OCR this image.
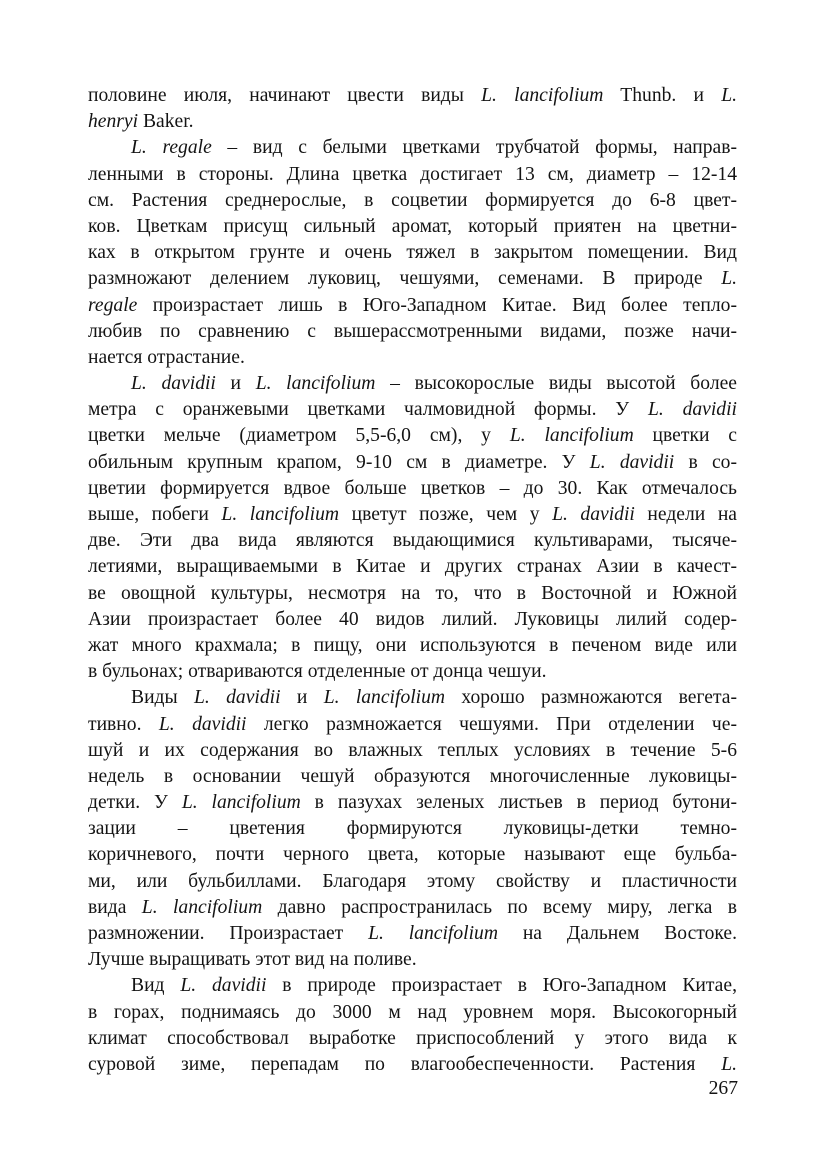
половине июля, начинают цвести виды L. lancifolium Thunb. и L.
henryi Baker.
L. regale – вид с белыми цветками трубчатой формы, направ-
ленными в стороны. Длина цветка достигает 13 см, диаметр – 12-14
см. Растения среднерослые, в соцветии формируется до 6-8 цвет-
ков. Цветкам присущ сильный аромат, который приятен на цветни-
ках в открытом грунте и очень тяжел в закрытом помещении. Вид
размножают делением луковиц, чешуями, семенами. В природе L.
regale произрастает лишь в Юго-Западном Китае. Вид более тепло-
любив по сравнению с вышерассмотренными видами, позже начи-
нается отрастание.
L. davidii и L. lancifolium – высокорослые виды высотой более
метра с оранжевыми цветками чалмовидной формы. У L. davidii
цветки мельче (диаметром 5,5-6,0 см), у L. lancifolium цветки с
обильным крупным крапом, 9-10 см в диаметре. У L. davidii в со-
цветии формируется вдвое больше цветков – до 30. Как отмечалось
выше, побеги L. lancifolium цветут позже, чем у L. davidii недели на
две. Эти два вида являются выдающимися культиварами, тысяче-
летиями, выращиваемыми в Китае и других странах Азии в качест-
ве овощной культуры, несмотря на то, что в Восточной и Южной
Азии произрастает более 40 видов лилий. Луковицы лилий содер-
жат много крахмала; в пищу, они используются в печеном виде или
в бульонах; отвариваются отделенные от донца чешуи.
Виды L. davidii и L. lancifolium хорошо размножаются вегета-
тивно. L. davidii легко размножается чешуями. При отделении че-
шуй и их содержания во влажных теплых условиях в течение 5-6
недель в основании чешуй образуются многочисленные луковицы-
детки. У L. lancifolium в пазухах зеленых листьев в период бутони-
зации – цветения формируются луковицы-детки темно-
коричневого, почти черного цвета, которые называют еще бульба-
ми, или бульбиллами. Благодаря этому свойству и пластичности
вида L. lancifolium давно распространилась по всему миру, легка в
размножении. Произрастает L. lancifolium на Дальнем Востоке.
Лучше выращивать этот вид на поливе.
Вид L. davidii в природе произрастает в Юго-Западном Китае,
в горах, поднимаясь до 3000 м над уровнем моря. Высокогорный
климат способствовал выработке приспособлений у этого вида к
суровой зиме, перепадам по влагообеспеченности. Растения L.
267
